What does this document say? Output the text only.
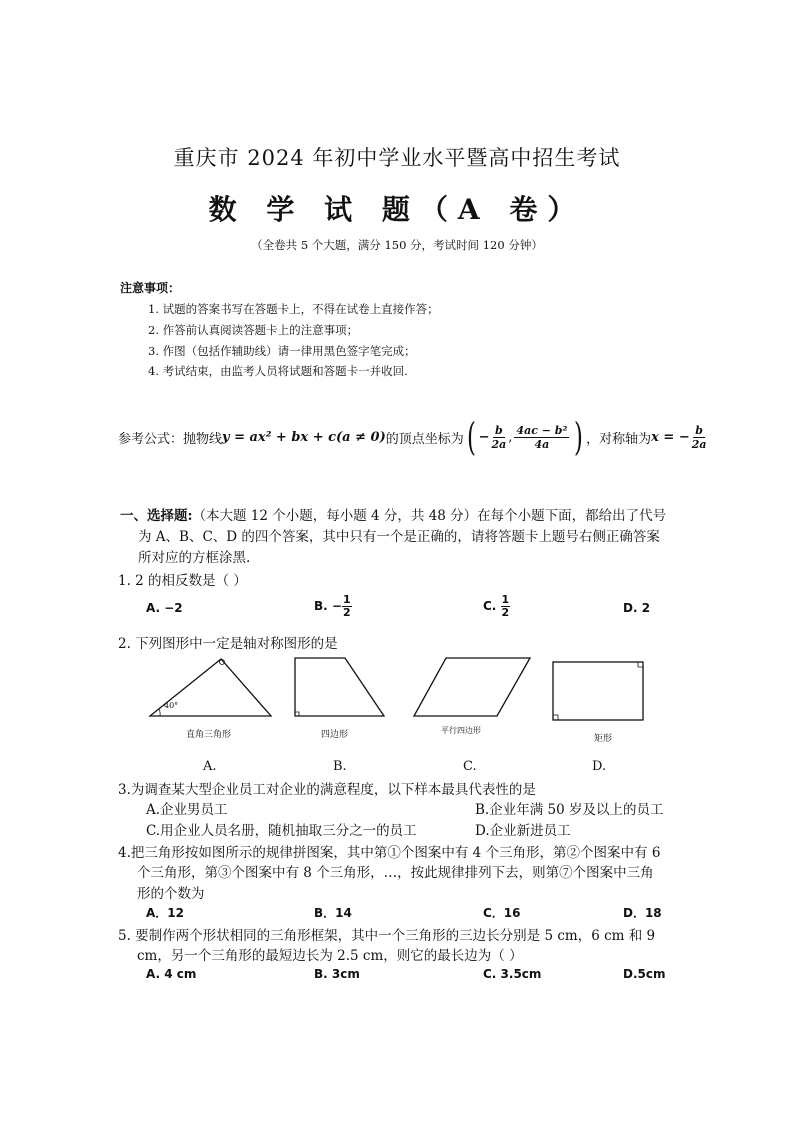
重庆市 2024 年初中学业水平暨高中招生考试
数 学 试 题（A 卷）
（全卷共 5 个大题，满分 150 分，考试时间 120 分钟）
注意事项：
1. 试题的答案书写在答题卡上，不得在试卷上直接作答；
2. 作答前认真阅读答题卡上的注意事项；
3. 作图（包括作辅助线）请一律用黑色签字笔完成；
4. 考试结束，由监考人员将试题和答题卡一并收回.
参考公式：抛物线 y = ax² + bx + c(a ≠ 0) 的顶点坐标为 ( − $\frac{b}{2a}$ , $\frac{\text{4ac − b²}}{4a}$ ) ，对称轴为 x = − $\frac{b}{2a}$
一、选择题:（本大题 12 个小题，每小题 4 分，共 48 分）在每个小题下面，都给出了代号
为 A、B、C、D 的四个答案，其中只有一个是正确的，请将答题卡上题号右侧正确答案
所对应的方框涂黑.
1. 2 的相反数是（ ）
A. −2	B. − $\frac{1}{2}$	C. $\frac{1}{2}$	D. 2
2. 下列图形中一定是轴对称图形的是
40°
直角三角形	四边形	平行四边形
矩形
A.	B.	C.	D.
3.为调查某大型企业员工对企业的满意程度，以下样本最具代表性的是
A.企业男员工	B.企业年满 50 岁及以上的员工
C.用企业人员名册，随机抽取三分之一的员工	D.企业新进员工
4.把三角形按如图所示的规律拼图案，其中第①个图案中有 4 个三角形，第②个图案中有 6
个三角形，第③个图案中有 8 个三角形，…，按此规律排列下去，则第⑦个图案中三角
形的个数为
A．12	B．14	C．16	D．18
5. 要制作两个形状相同的三角形框架，其中一个三角形的三边长分别是 5 cm，6 cm 和 9
cm，另一个三角形的最短边长为 2.5 cm，则它的最长边为（ ）
A. 4 cm	B. 3cm	C. 3.5cm	D.5cm
